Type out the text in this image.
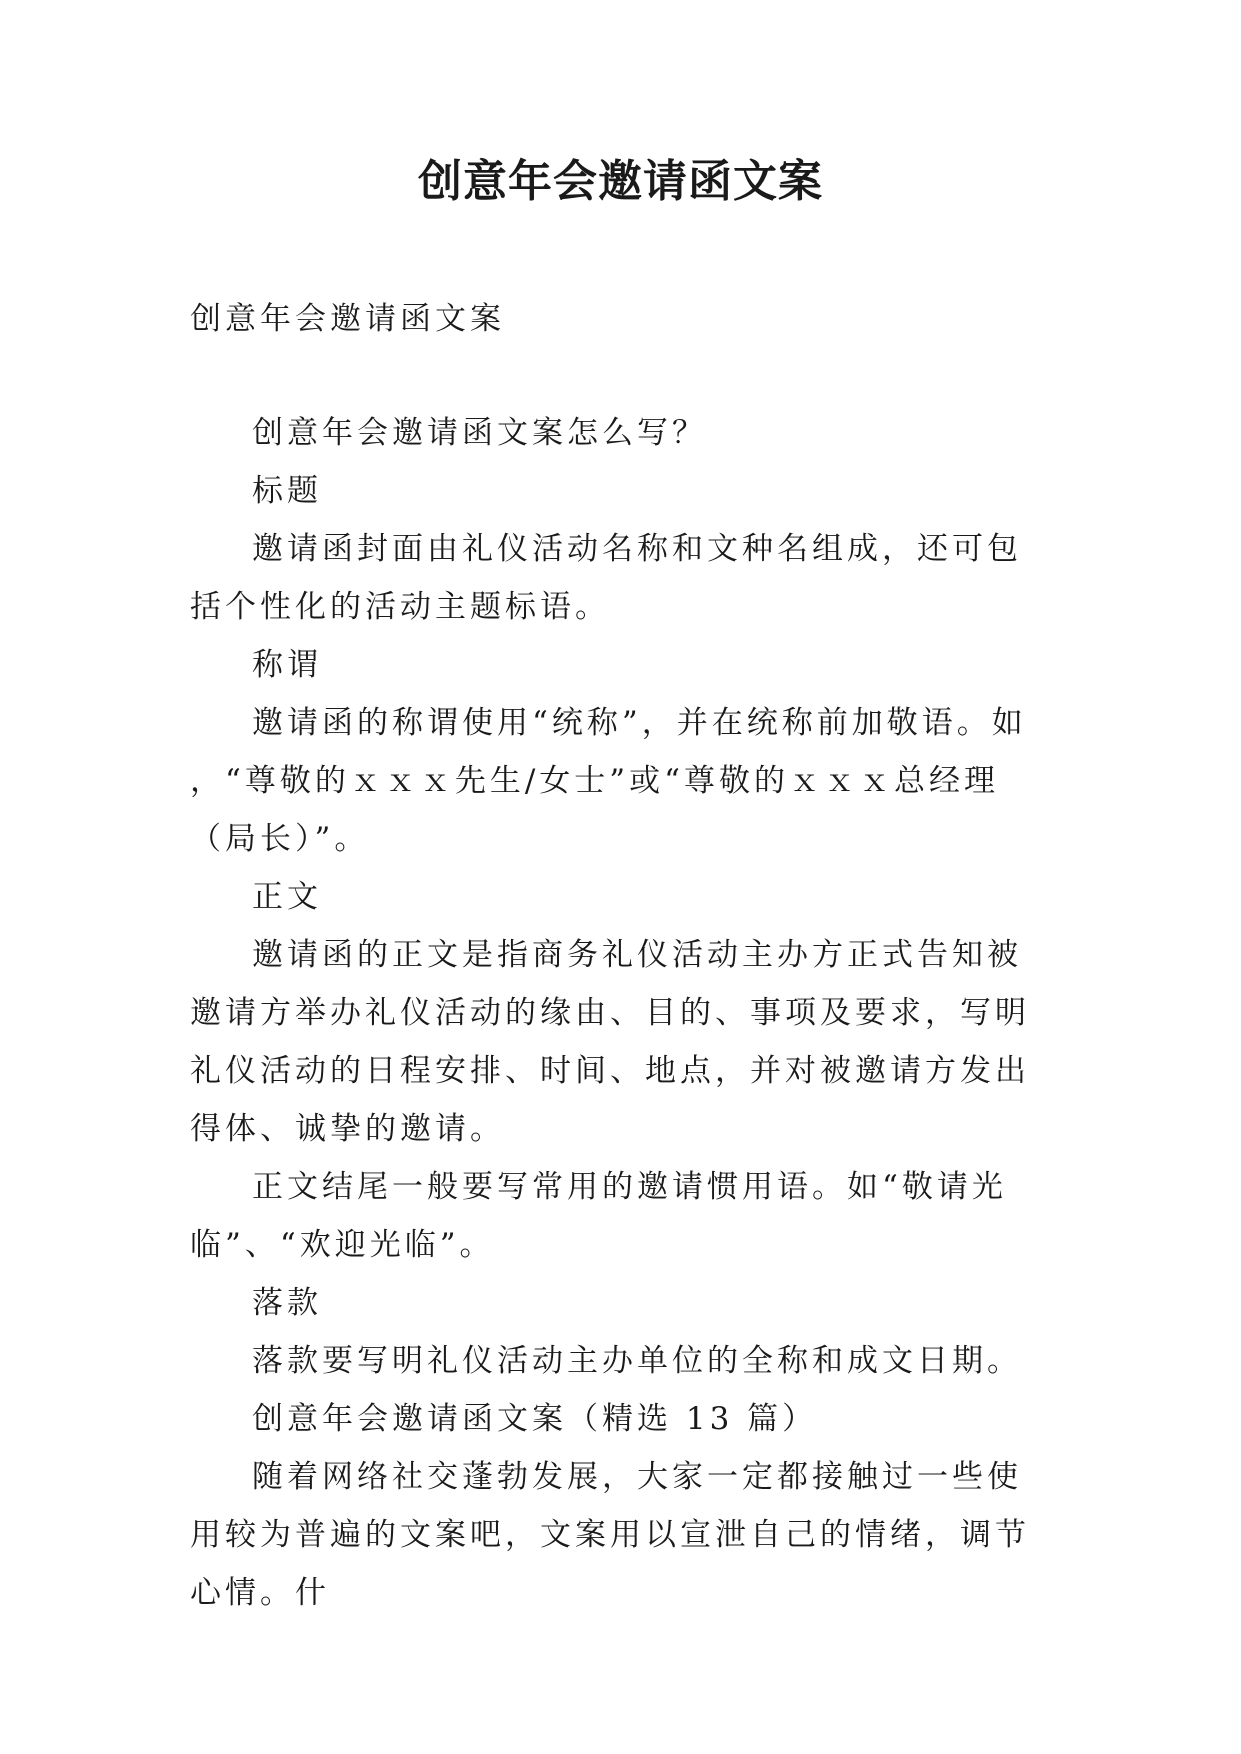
创意年会邀请函文案

创意年会邀请函文案

创意年会邀请函文案怎么写？

标题

邀请函封面由礼仪活动名称和文种名组成，还可包括个性化的活动主题标语。

称谓

邀请函的称谓使用“统称”，并在统称前加敬语。如 ，“尊敬的ｘｘｘ先生/女士”或“尊敬的ｘｘｘ总经理（局长）”。

正文

邀请函的正文是指商务礼仪活动主办方正式告知被邀请方举办礼仪活动的缘由、目的、事项及要求，写明礼仪活动的日程安排、时间、地点，并对被邀请方发出得体、诚挚的邀请。

正文结尾一般要写常用的邀请惯用语。如“敬请光临”、“欢迎光临”。

落款

落款要写明礼仪活动主办单位的全称和成文日期。

创意年会邀请函文案（精选 13 篇）

随着网络社交蓬勃发展，大家一定都接触过一些使用较为普遍的文案吧，文案用以宣泄自己的情绪，调节心情。什
